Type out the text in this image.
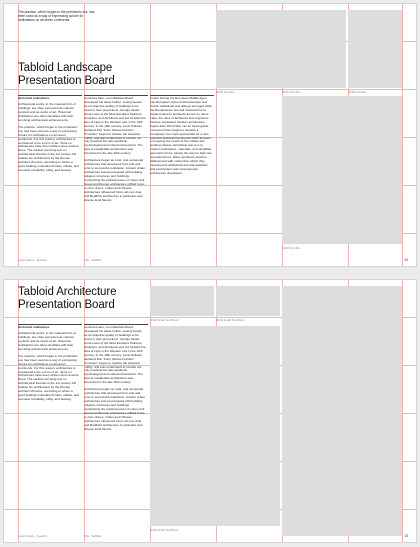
The practice, which began in the prehistoric era, has been used as a way of expressing culture for civilizations on all seven continents.
Tabloid Landscape Presentation Board
00/00 Text Box	00/00 Text Box	00/00 Text Box
00/00 Text Box
Historical indications

Architectural works, in the material form of buildings, are often perceived as cultural symbols and as works of art. Historical civilizations are often identified with their surviving architectural achievements.

The practice, which began in the prehistoric era, has been used as a way of expressing culture for civilizations on all seven continents. For this reason, architecture is considered to be a form of art. Texts on architecture have been written since ancient times. The earliest surviving text on architectural theories is the 1st century AD treatise De architectura by the Roman architect Vitruvius, according to whom a good building embodies firmitas, utilitas, and venustas (durability, utility, and beauty).

Centuries later, Leon Battista Alberti developed his ideas further, seeing beauty as an objective quality of buildings to be found in their proportions. Giorgio Vasari wrote Lives of the Most Excellent Painters, Sculptors, and Architects and put forward the idea of style in the Western arts in the 16th century. In the 19th century, Louis Sullivan declared that "Form follows function". "Function" began to replace the classical "utility" and was understood to include not only practical but also aesthetic, psychological and cultural dimensions. The idea of sustainable architecture was introduced in the late 20th century.

Architecture began as rural, oral vernacular architecture that developed from trial and error to successful replication. Ancient urban architecture was preoccupied with building religious structures and buildings symbolizing the political power of rulers until Greek and Roman architecture shifted focus to civic virtues. Indian and Chinese architecture influenced forms all over Asia and Buddhist architecture in particular took diverse local flavors.

In fact, During the European Middle Ages, pan-European styles of Romanesque and Gothic cathedrals and abbeys emerged while the Renaissance favored Classical forms implemented by architects known by name. Later, the roles of architects and engineers became separated. Modern architecture began after World War I as an avant-garde movement that sought to develop a completely new style appropriate for a new post-war social and economic order focused on meeting the needs of the middle and working classes. Emphasis was put on modern techniques, materials, and simplified geometric forms, paving the way for high-rise superstructures. Many architects became disillusioned with modernism which they perceived as ahistorical and anti-aesthetic, and postmodern and contemporary architecture developed.

Lorem Ipsum · Foundry	Title · Subtitle	15
Tabloid Architecture Presentation Board
00/00 Small Text Block	00/00 Small Text Block
00/00 Small Text Block
Historical indications

Architectural works, in the material form of buildings, are often perceived as cultural symbols and as works of art. Historical civilizations are often identified with their surviving architectural achievements.

The practice, which began in the prehistoric era, has been used as a way of expressing culture for civilizations on all seven continents. For this reason, architecture is considered to be a form of art. Texts on architecture have been written since ancient times. The earliest surviving text on architectural theories is the 1st century AD treatise De architectura by the Roman architect Vitruvius, according to whom a good building embodies firmitas, utilitas, and venustas (durability, utility, and beauty).

Centuries later, Leon Battista Alberti developed his ideas further, seeing beauty as an objective quality of buildings to be found in their proportions. Giorgio Vasari wrote Lives of the Most Excellent Painters, Sculptors, and Architects and put forward the idea of style in the Western arts in the 16th century. In the 19th century, Louis Sullivan declared that "Form follows function". "Function" began to replace the classical "utility" and was understood to include not only practical but also aesthetic, psychological and cultural dimensions. The idea of sustainable architecture was introduced in the late 20th century.

Architecture began as rural, oral vernacular architecture that developed from trial and error to successful replication. Ancient urban architecture was preoccupied with building religious structures and buildings symbolizing the political power of rulers until Greek and Roman architecture shifted focus to civic virtues. Indian and Chinese architecture influenced forms all over Asia and Buddhist architecture in particular took diverse local flavors.

Lorem Ipsum · Foundry	Title · Subtitle	15
